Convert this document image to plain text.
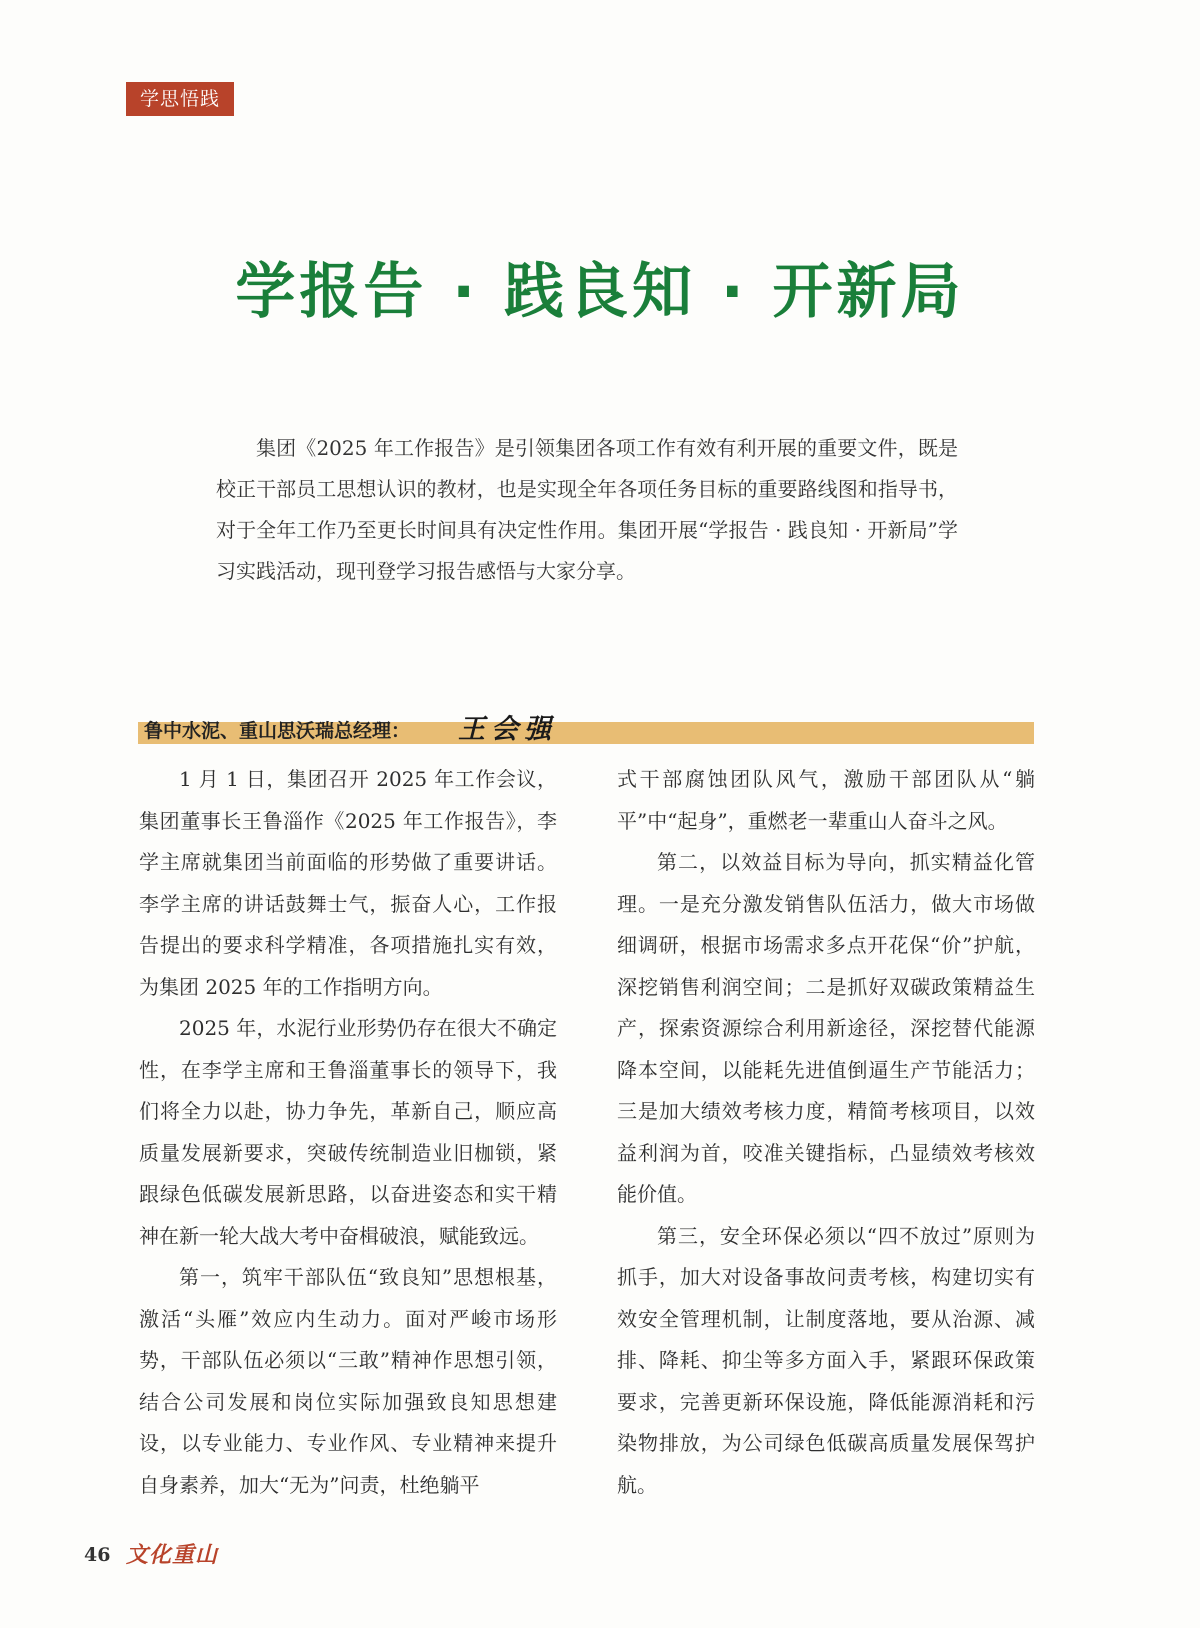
学思悟践
学报告 · 践良知 · 开新局

集团《2025 年工作报告》是引领集团各项工作有效有利开展的重要文件，既是校正干部员工思想认识的教材，也是实现全年各项任务目标的重要路线图和指导书，对于全年工作乃至更长时间具有决定性作用。集团开展“学报告 · 践良知 · 开新局”学习实践活动，现刊登学习报告感悟与大家分享。

鲁中水泥、重山思沃瑞总经理： 王会强

1 月 1 日，集团召开 2025 年工作会议，集团董事长王鲁淄作《2025 年工作报告》，李学主席就集团当前面临的形势做了重要讲话。李学主席的讲话鼓舞士气，振奋人心，工作报告提出的要求科学精准，各项措施扎实有效，为集团 2025 年的工作指明方向。

2025 年，水泥行业形势仍存在很大不确定性，在李学主席和王鲁淄董事长的领导下，我们将全力以赴，协力争先，革新自己，顺应高质量发展新要求，突破传统制造业旧枷锁，紧跟绿色低碳发展新思路，以奋进姿态和实干精神在新一轮大战大考中奋楫破浪，赋能致远。

第一，筑牢干部队伍“致良知”思想根基，激活“头雁”效应内生动力。面对严峻市场形势，干部队伍必须以“三敢”精神作思想引领，结合公司发展和岗位实际加强致良知思想建设，以专业能力、专业作风、专业精神来提升自身素养，加大“无为”问责，杜绝躺平

式干部腐蚀团队风气，激励干部团队从“躺平”中“起身”，重燃老一辈重山人奋斗之风。

第二，以效益目标为导向，抓实精益化管理。一是充分激发销售队伍活力，做大市场做细调研，根据市场需求多点开花保“价”护航，深挖销售利润空间；二是抓好双碳政策精益生产，探索资源综合利用新途径，深挖替代能源降本空间，以能耗先进值倒逼生产节能活力；三是加大绩效考核力度，精简考核项目，以效益利润为首，咬准关键指标，凸显绩效考核效能价值。

第三，安全环保必须以“四不放过”原则为抓手，加大对设备事故问责考核，构建切实有效安全管理机制，让制度落地，要从治源、减排、降耗、抑尘等多方面入手，紧跟环保政策要求，完善更新环保设施，降低能源消耗和污染物排放，为公司绿色低碳高质量发展保驾护航。

46 文化重山
